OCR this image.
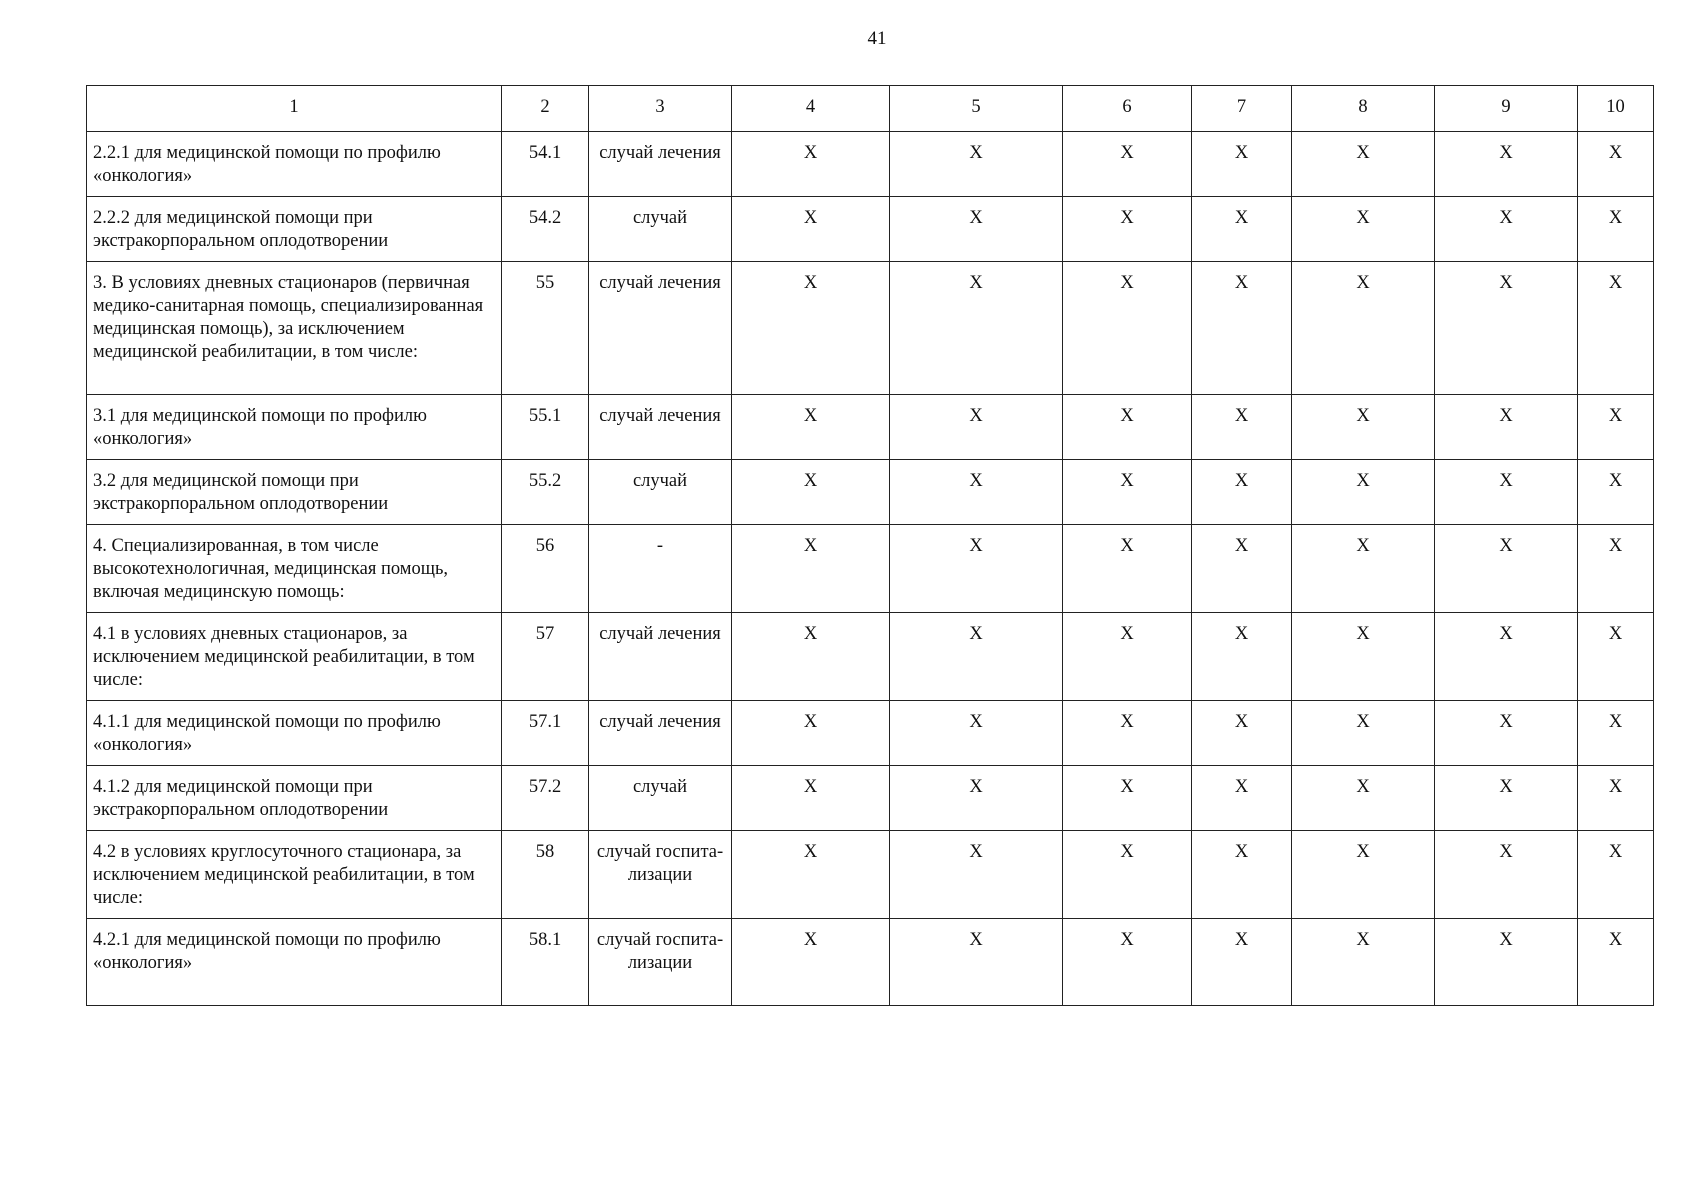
41
1	2	3	4	5	6	7	8	9	10
2.2.1 для медицинской помощи по профилю «онкология»	54.1	случай лечения	Х	Х	Х	Х	Х	Х	Х
2.2.2 для медицинской помощи при экстракорпоральном оплодотворении	54.2	случай	Х	Х	Х	Х	Х	Х	Х
3. В условиях дневных стационаров (первичная медико-санитарная помощь, специализированная медицинская помощь), за исключением медицинской реабилитации, в том числе:	55	случай лечения	Х	Х	Х	Х	Х	Х	Х
3.1 для медицинской помощи по профилю «онкология»	55.1	случай лечения	Х	Х	Х	Х	Х	Х	Х
3.2 для медицинской помощи при экстракорпоральном оплодотворении	55.2	случай	Х	Х	Х	Х	Х	Х	Х
4. Специализированная, в том числе высокотехнологичная, медицинская помощь, включая медицинскую помощь:	56	-	Х	Х	Х	Х	Х	Х	Х
4.1 в условиях дневных стационаров, за исключением медицинской реабилитации, в том числе:	57	случай лечения	Х	Х	Х	Х	Х	Х	Х
4.1.1 для медицинской помощи по профилю «онкология»	57.1	случай лечения	Х	Х	Х	Х	Х	Х	Х
4.1.2 для медицинской помощи при экстракорпоральном оплодотворении	57.2	случай	Х	Х	Х	Х	Х	Х	Х
4.2 в условиях круглосуточного стационара, за исключением медицинской реабилитации, в том числе:	58	случай госпита-лизации	Х	Х	Х	Х	Х	Х	Х
4.2.1 для медицинской помощи по профилю «онкология»	58.1	случай госпита-лизации	Х	Х	Х	Х	Х	Х	Х
